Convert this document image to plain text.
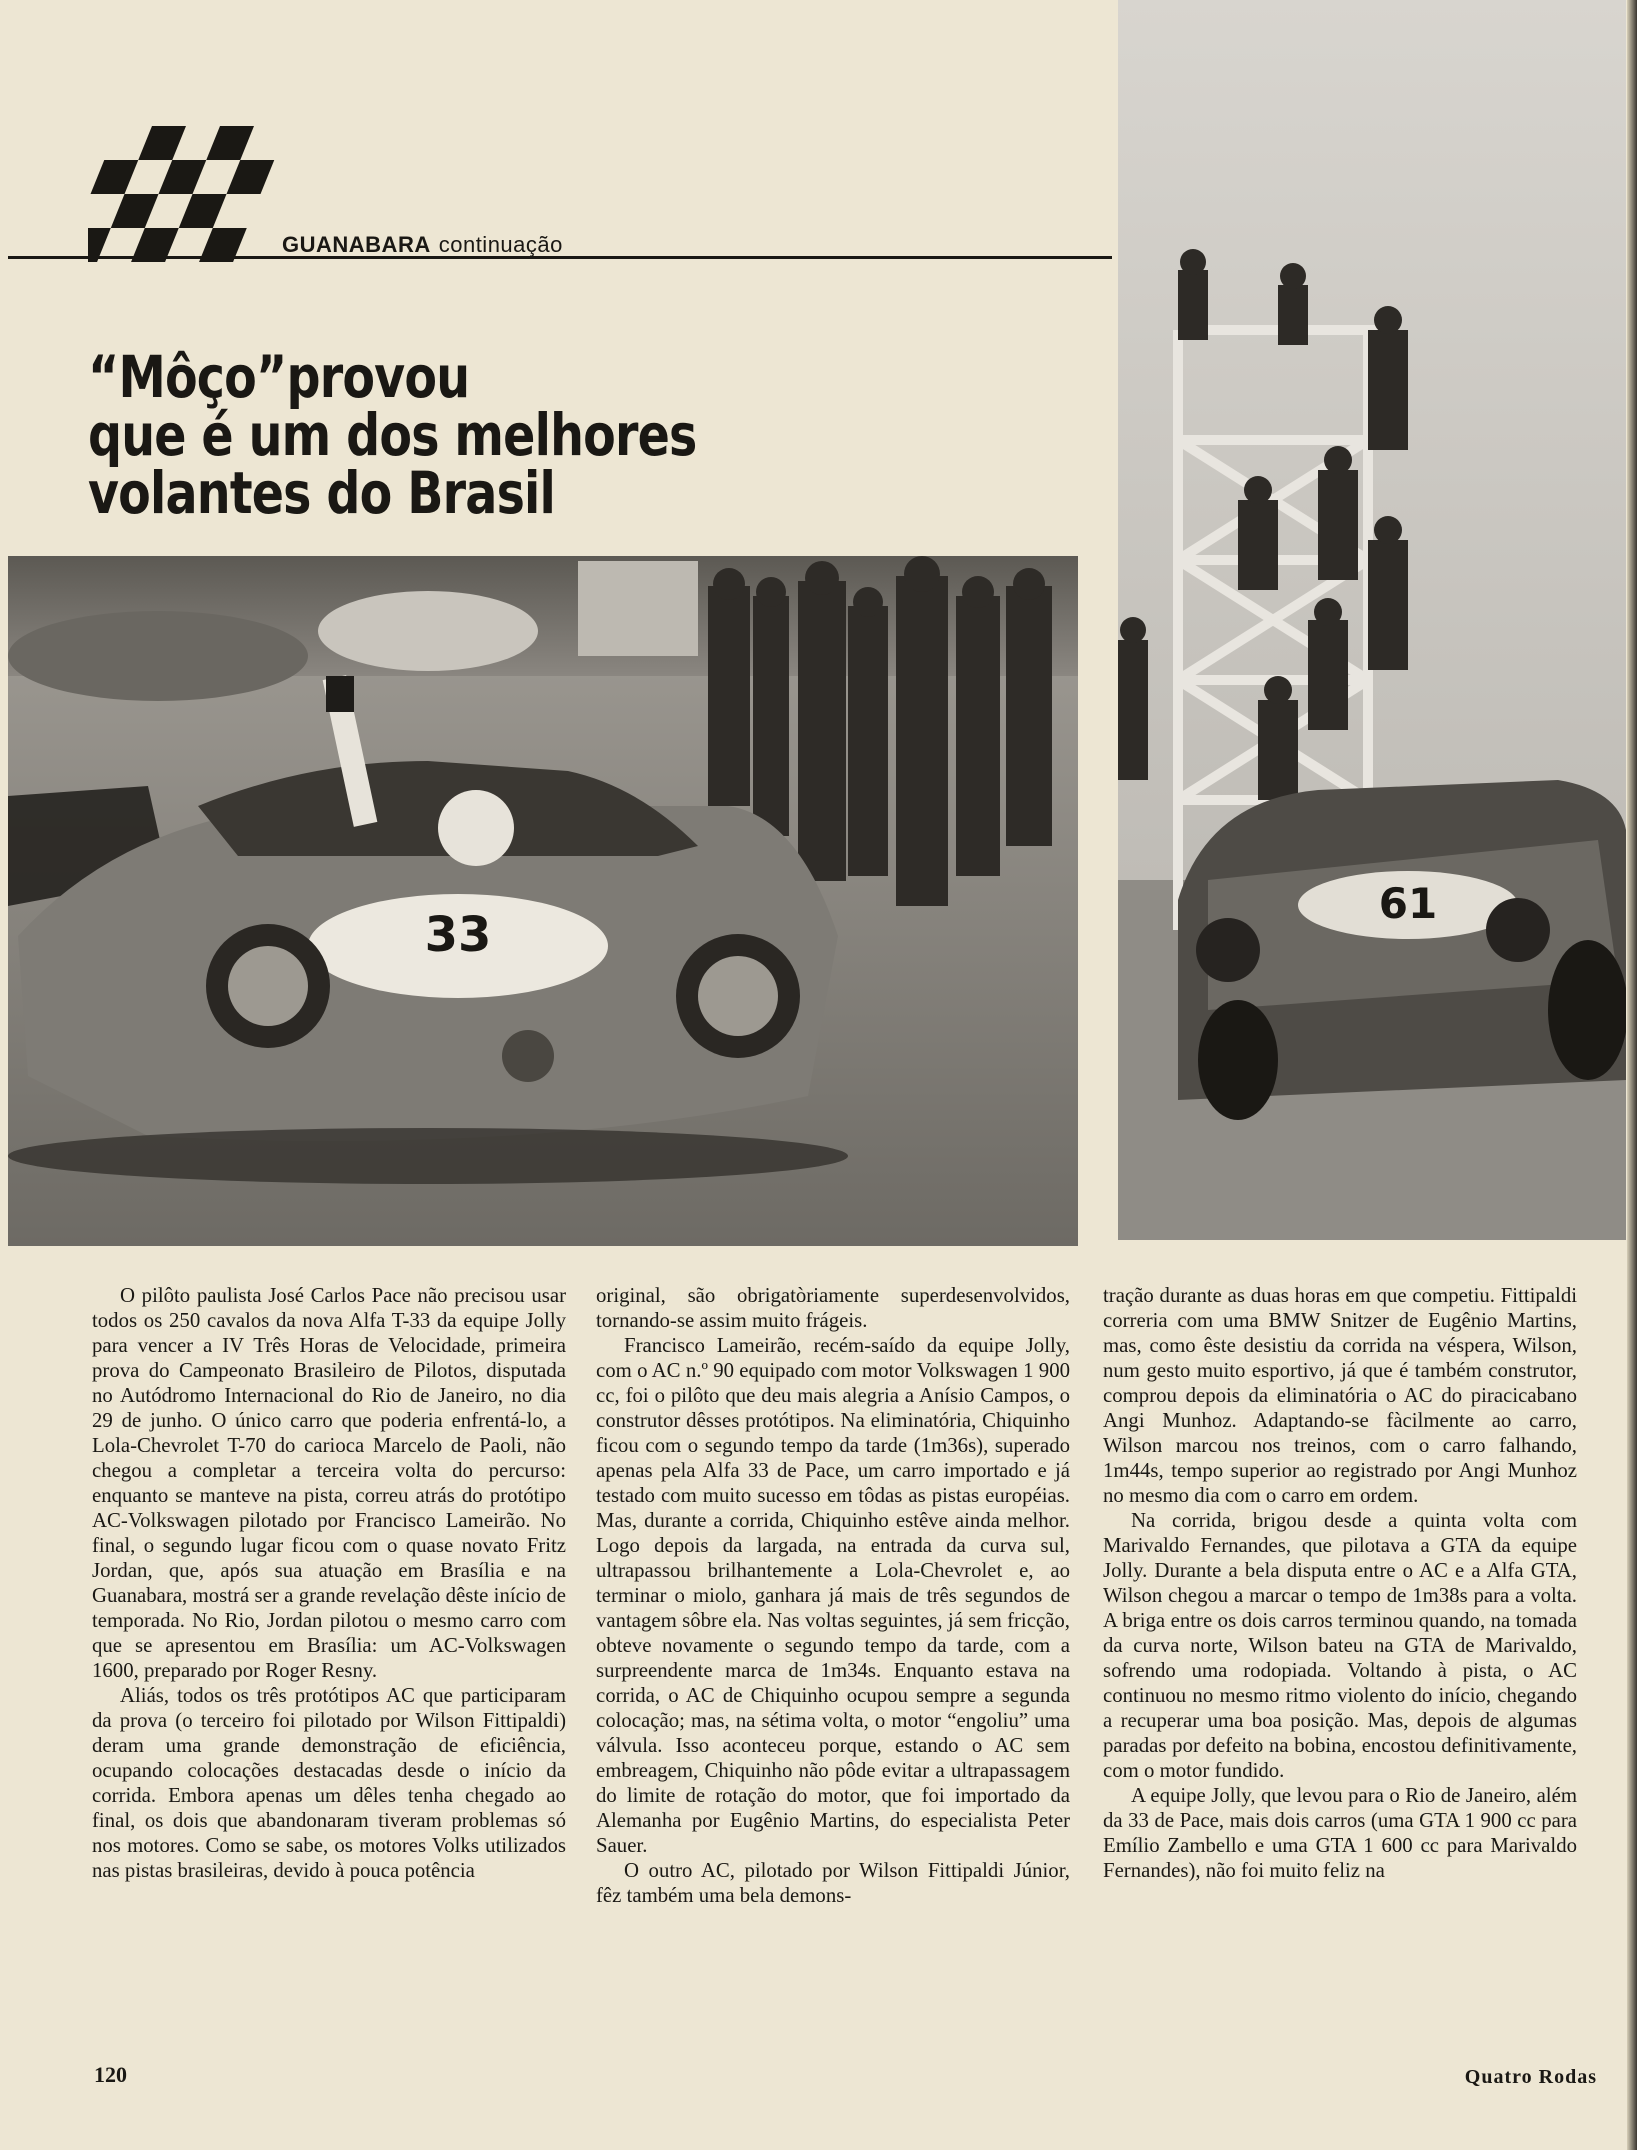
GUANABARA continuação
“Môço”provou
que é um dos melhores
volantes do Brasil
33
61

O pilôto paulista José Carlos Pace não precisou usar todos os 250 cavalos da nova Alfa T-33 da equipe Jolly para vencer a IV Três Horas de Velocidade, primeira prova do Campeonato Brasileiro de Pilotos, disputada no Autódromo Internacional do Rio de Janeiro, no dia 29 de junho. O único carro que poderia enfrentá-lo, a Lola-Chevrolet T-70 do carioca Marcelo de Paoli, não chegou a completar a terceira volta do percurso: enquanto se manteve na pista, correu atrás do protótipo AC-Volkswagen pilotado por Francisco Lameirão. No final, o segundo lugar ficou com o quase novato Fritz Jordan, que, após sua atuação em Brasília e na Guanabara, mostrá ser a grande revelação dêste início de temporada. No Rio, Jordan pilotou o mesmo carro com que se apresentou em Brasília: um AC-Volkswagen 1600, preparado por Roger Resny.

Aliás, todos os três protótipos AC que participaram da prova (o terceiro foi pilotado por Wilson Fittipaldi) deram uma grande demonstração de eficiência, ocupando colocações destacadas desde o início da corrida. Embora apenas um dêles tenha chegado ao final, os dois que abandonaram tiveram problemas só nos motores. Como se sabe, os motores Volks utilizados nas pistas brasileiras, devido à pouca potência

original, são obrigatòriamente superdesenvolvidos, tornando-se assim muito frágeis.

Francisco Lameirão, recém-saído da equipe Jolly, com o AC n.º 90 equipado com motor Volkswagen 1 900 cc, foi o pilôto que deu mais alegria a Anísio Campos, o construtor dêsses protótipos. Na eliminatória, Chiquinho ficou com o segundo tempo da tarde (1m36s), superado apenas pela Alfa 33 de Pace, um carro importado e já testado com muito sucesso em tôdas as pistas européias. Mas, durante a corrida, Chiquinho estêve ainda melhor. Logo depois da largada, na entrada da curva sul, ultrapassou brilhantemente a Lola-Chevrolet e, ao terminar o miolo, ganhara já mais de três segundos de vantagem sôbre ela. Nas voltas seguintes, já sem fricção, obteve novamente o segundo tempo da tarde, com a surpreendente marca de 1m34s. Enquanto estava na corrida, o AC de Chiquinho ocupou sempre a segunda colocação; mas, na sétima volta, o motor “engoliu” uma válvula. Isso aconteceu porque, estando o AC sem embreagem, Chiquinho não pôde evitar a ultrapassagem do limite de rotação do motor, que foi importado da Alemanha por Eugênio Martins, do especialista Peter Sauer.

O outro AC, pilotado por Wilson Fittipaldi Júnior, fêz também uma bela demons-

tração durante as duas horas em que competiu. Fittipaldi correria com uma BMW Snitzer de Eugênio Martins, mas, como êste desistiu da corrida na véspera, Wilson, num gesto muito esportivo, já que é também construtor, comprou depois da eliminatória o AC do piracicabano Angi Munhoz. Adaptando-se fàcilmente ao carro, Wilson marcou nos treinos, com o carro falhando, 1m44s, tempo superior ao registrado por Angi Munhoz no mesmo dia com o carro em ordem.

Na corrida, brigou desde a quinta volta com Marivaldo Fernandes, que pilotava a GTA da equipe Jolly. Durante a bela disputa entre o AC e a Alfa GTA, Wilson chegou a marcar o tempo de 1m38s para a volta. A briga entre os dois carros terminou quando, na tomada da curva norte, Wilson bateu na GTA de Marivaldo, sofrendo uma rodopiada. Voltando à pista, o AC continuou no mesmo ritmo violento do início, chegando a recuperar uma boa posição. Mas, depois de algumas paradas por defeito na bobina, encostou definitivamente, com o motor fundido.

A equipe Jolly, que levou para o Rio de Janeiro, além da 33 de Pace, mais dois carros (uma GTA 1 900 cc para Emílio Zambello e uma GTA 1 600 cc para Marivaldo Fernandes), não foi muito feliz na

120	Quatro Rodas
